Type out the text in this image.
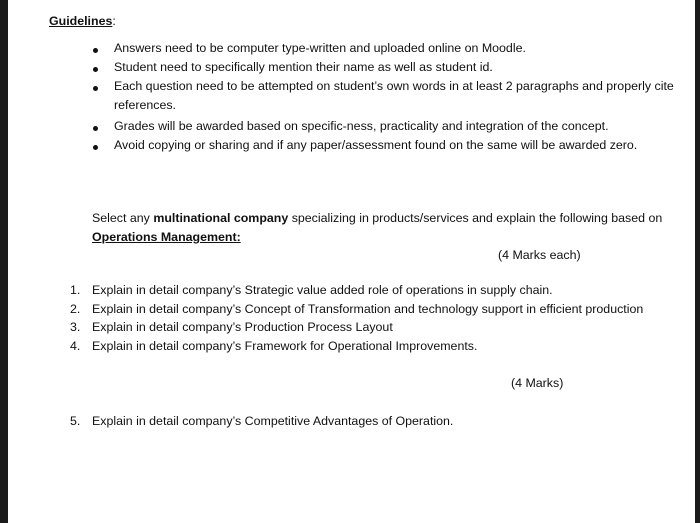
Guidelines:
Answers need to be computer type-written and uploaded online on Moodle.
Student need to specifically mention their name as well as student id.
Each question need to be attempted on student’s own words in at least 2 paragraphs and properly cite
references.
Grades will be awarded based on specific-ness, practicality and integration of the concept.
Avoid copying or sharing and if any paper/assessment found on the same will be awarded zero.
Select any multinational company specializing in products/services and explain the following based on
Operations Management:
(4 Marks each)
1. Explain in detail company’s Strategic value added role of operations in supply chain.
2. Explain in detail company’s Concept of Transformation and technology support in efficient production
3. Explain in detail company’s Production Process Layout
4. Explain in detail company’s Framework for Operational Improvements.
(4 Marks)
5. Explain in detail company’s Competitive Advantages of Operation.
